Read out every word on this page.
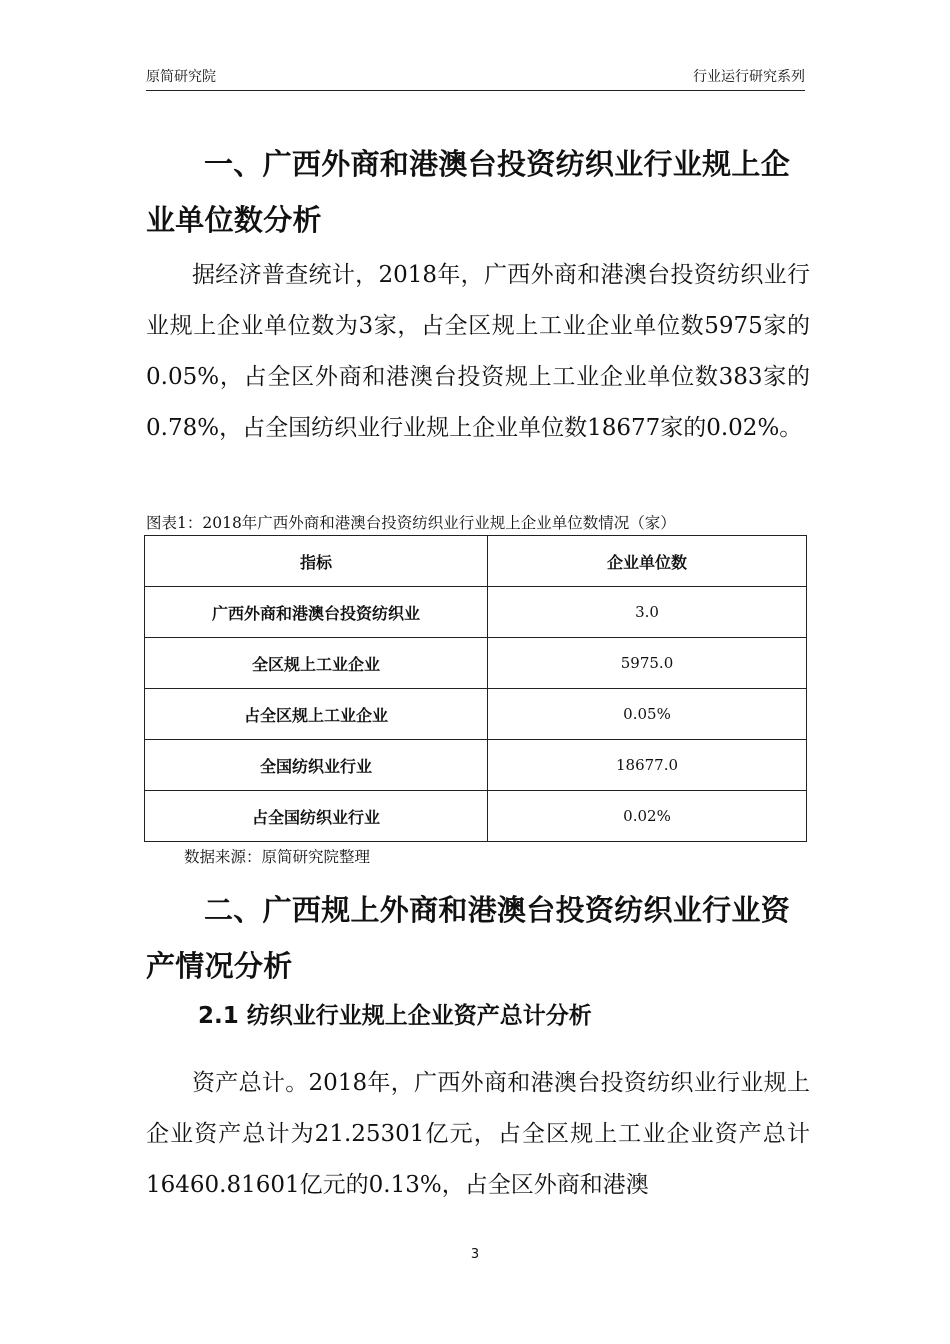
原简研究院	行业运行研究系列
一、广西外商和港澳台投资纺织业行业规上企业单位数分析
据经济普查统计，2018年，广西外商和港澳台投资纺织业行业规上企业单位数为3家，占全区规上工业企业单位数5975家的0.05%，占全区外商和港澳台投资规上工业企业单位数383家的0.78%，占全国纺织业行业规上企业单位数18677家的0.02%。
图表1：2018年广西外商和港澳台投资纺织业行业规上企业单位数情况（家）
指标	企业单位数
广西外商和港澳台投资纺织业	3.0
全区规上工业企业	5975.0
占全区规上工业企业	0.05%
全国纺织业行业	18677.0
占全国纺织业行业	0.02%
数据来源：原简研究院整理
二、广西规上外商和港澳台投资纺织业行业资产情况分析
2.1 纺织业行业规上企业资产总计分析
资产总计。2018年，广西外商和港澳台投资纺织业行业规上企业资产总计为21.25301亿元，占全区规上工业企业资产总计16460.81601亿元的0.13%，占全区外商和港澳
3
